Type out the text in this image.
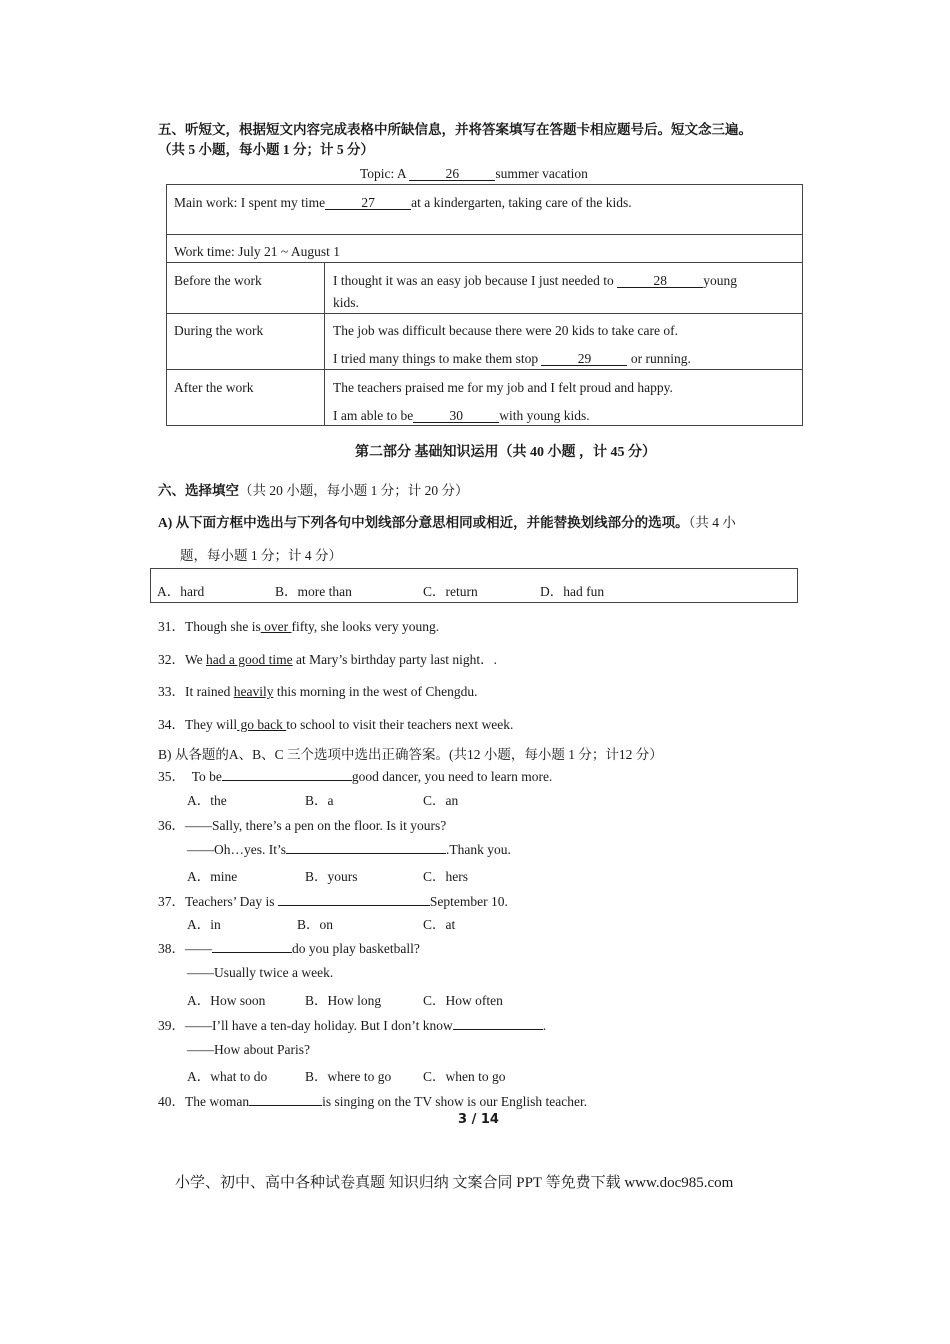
五、听短文，根据短文内容完成表格中所缺信息，并将答案填写在答题卡相应题号后。短文念三遍。
（共 5 小题，每小题 1 分；计 5 分）
Topic: A	26	summer vacation
Main work: I spent my time	27	at a kindergarten, taking care of the kids.
Work time: July 21 ~ August 1
Before the work	I thought it was an easy job because I just needed to	28	young
kids.
During the work	The job was difficult because there were 20 kids to take care of.
I tried many things to make them stop	29	or running.
After the work	The teachers praised me for my job and I felt proud and happy.
I am able to be	30	with young kids.
第二部分 基础知识运用（共 40 小题 ，计 45 分）
六、选择填空（共 20 小题，每小题 1 分；计 20 分）
A) 从下面方框中选出与下列各句中划线部分意思相同或相近，并能替换划线部分的选项。（共 4 小
题，每小题 1 分；计 4 分）
A．hard	B．more than	C．return	D．had fun
31．Though she is over fifty, she looks very young.
32．We had a good time at Mary’s birthday party last night．.
33．It rained heavily this morning in the west of Chengdu.
34．They will go back to school to visit their teachers next week.
B) 从各题的A、B、C 三个选项中选出正确答案。(共12 小题，每小题 1 分；计12 分）
35． To be	good dancer, you need to learn more.
A．the	B．a	C．an
36．——Sally, there’s a pen on the floor. Is it yours?
——Oh…yes. It’s	.Thank you.
A．mine	B．yours	C．hers
37．Teachers’ Day is	September 10.
A．in	B．on	C．at
38．——	do you play basketball?
——Usually twice a week.
A．How soon	B．How long	C．How often
39．——I’ll have a ten-day holiday. But I don’t know	.
——How about Paris?
A．what to do	B．where to go C．when to go
40．The woman	is singing on the TV show is our English teacher.
3 / 14
小学、初中、高中各种试卷真题 知识归纳 文案合同 PPT 等免费下载 www.doc985.com
